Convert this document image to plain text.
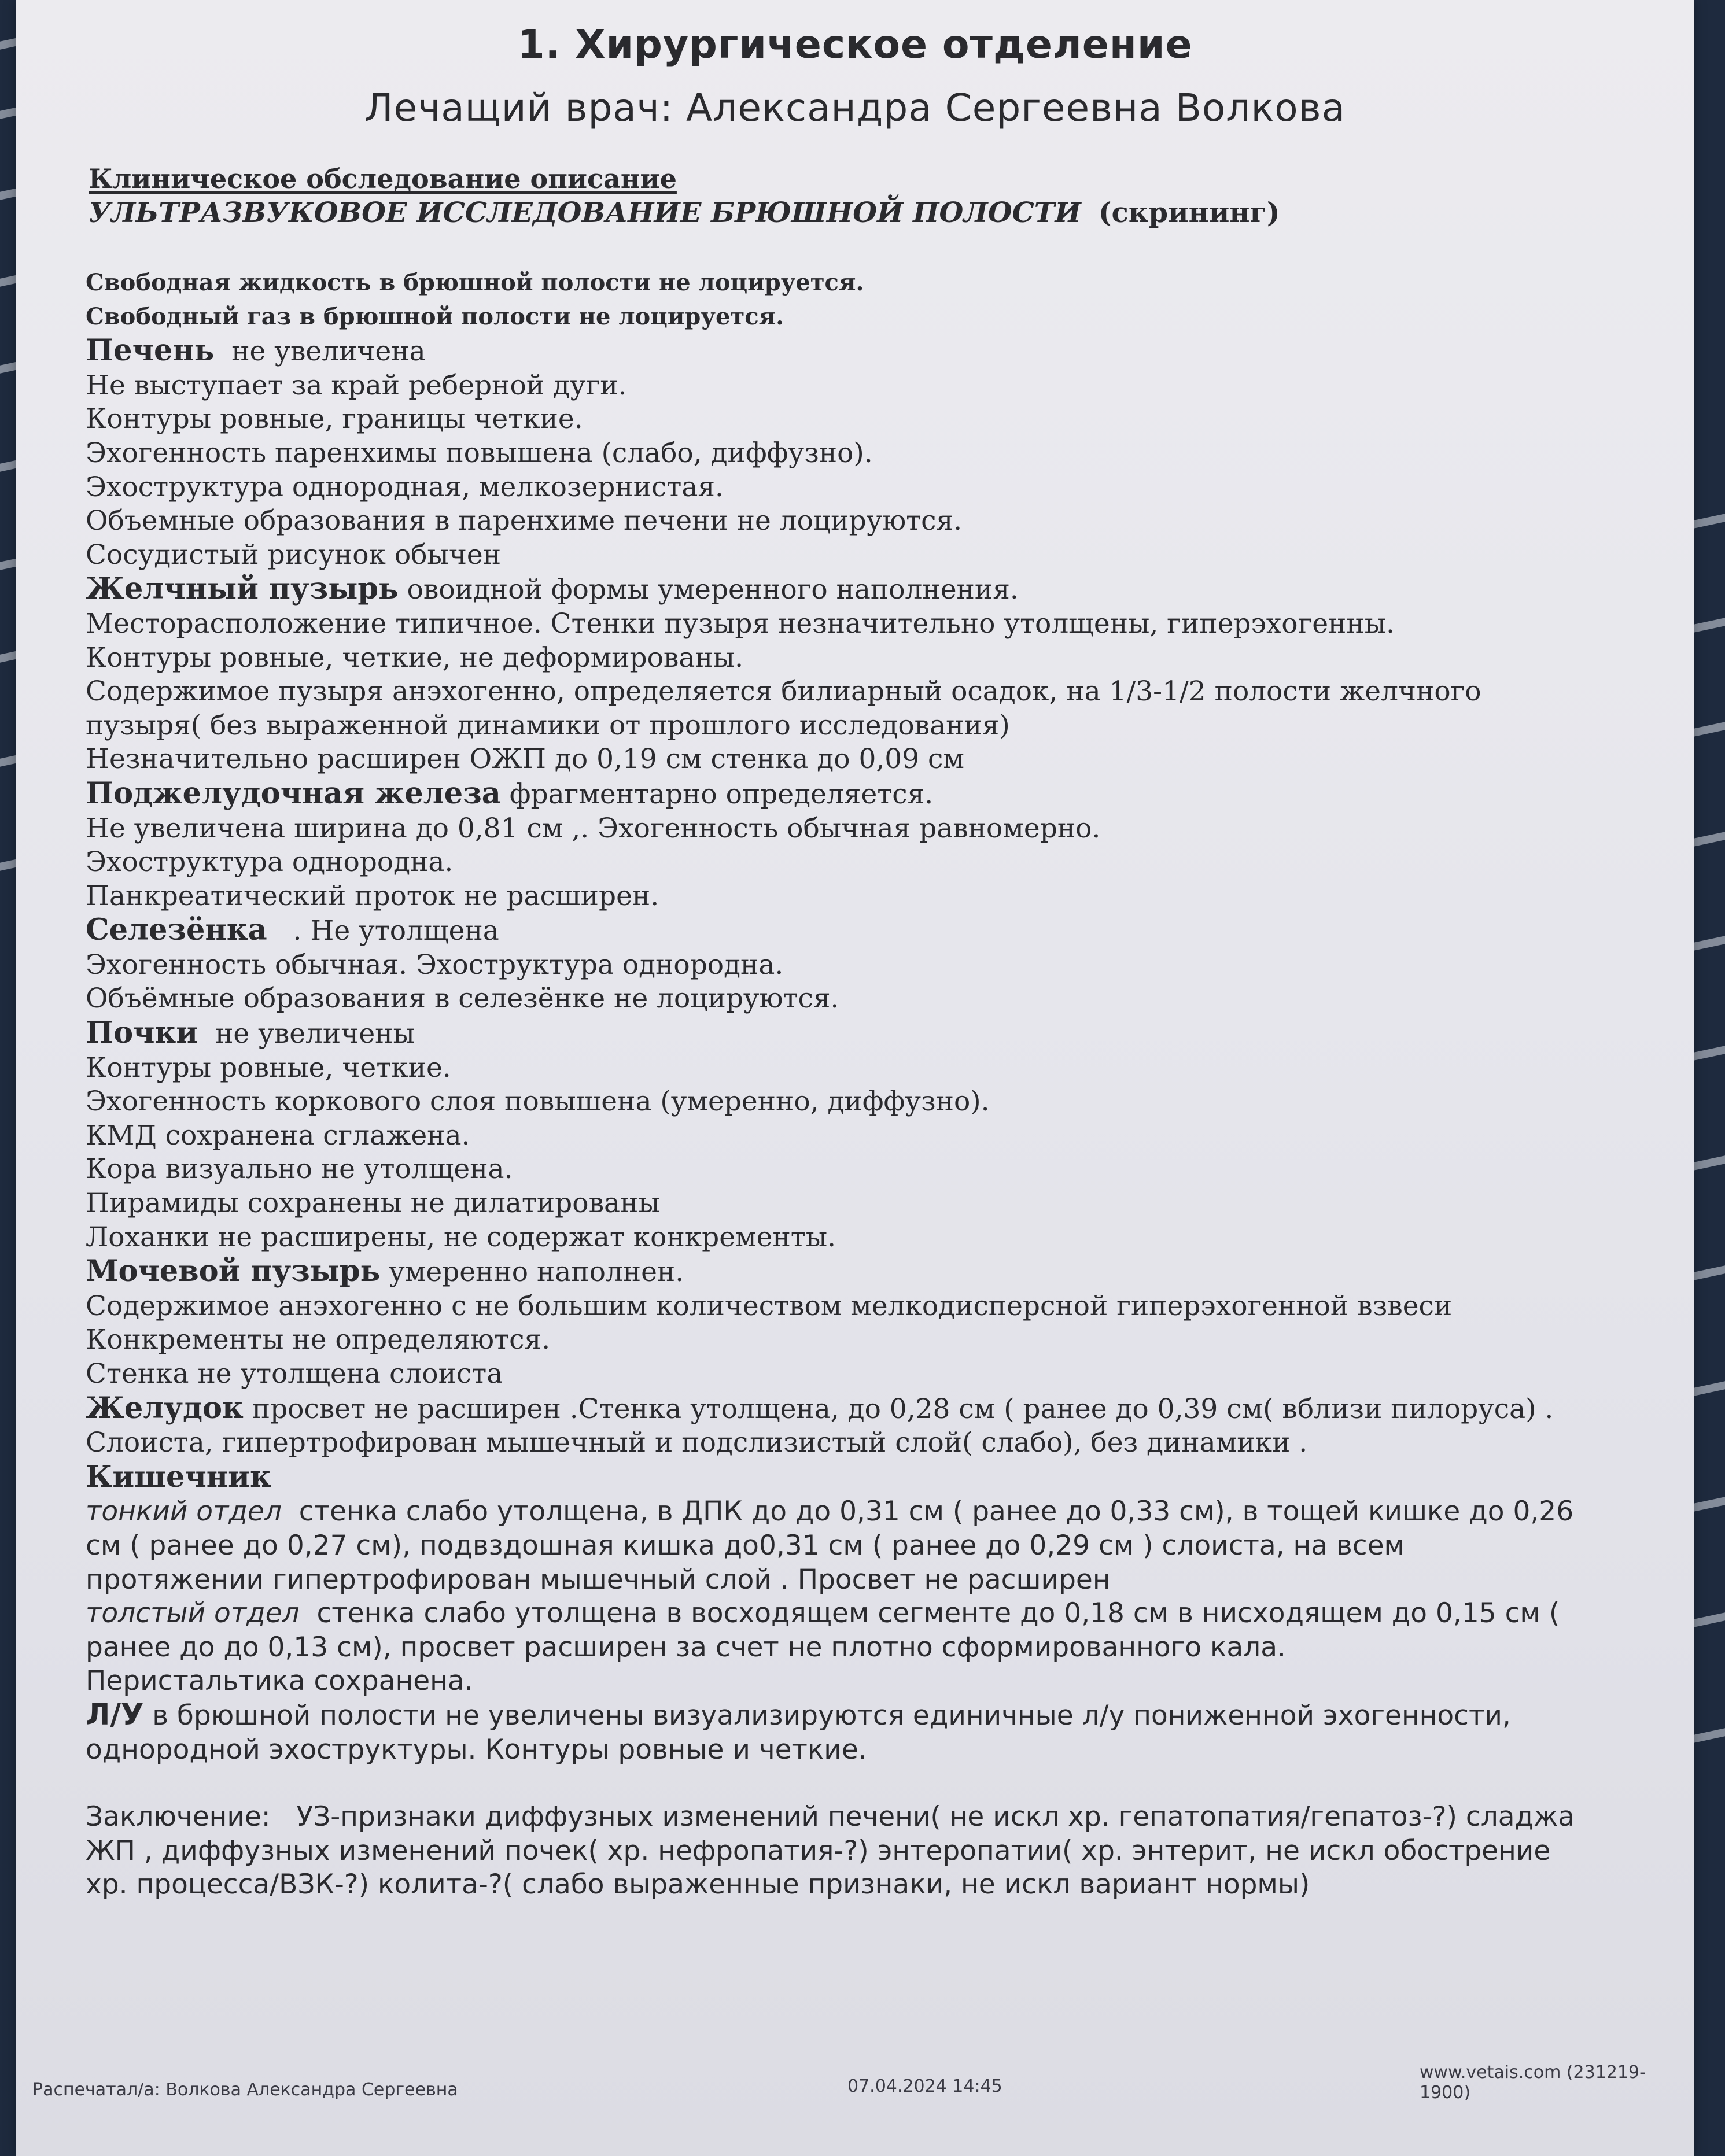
1. Хирургическое отделение
Лечащий врач: Александра Сергеевна Волкова
Клиническое обследование описание
УЛЬТРАЗВУКОВОЕ ИССЛЕДОВАНИЕ БРЮШНОЙ ПОЛОСТИ (скрининг)
Свободная жидкость в брюшной полости не лоцируется.
Свободный газ в брюшной полости не лоцируется.
Печень не увеличена
Не выступает за край реберной дуги.
Контуры ровные, границы четкие.
Эхогенность паренхимы повышена (слабо, диффузно).
Эхоструктура однородная, мелкозернистая.
Объемные образования в паренхиме печени не лоцируются.
Сосудистый рисунок обычен
Желчный пузырь овоидной формы умеренного наполнения.
Месторасположение типичное. Стенки пузыря незначительно утолщены, гиперэхогенны.
Контуры ровные, четкие, не деформированы.
Содержимое пузыря анэхогенно, определяется билиарный осадок, на 1/3-1/2 полости желчного
пузыря( без выраженной динамики от прошлого исследования)
Незначительно расширен ОЖП до 0,19 см стенка до 0,09 см
Поджелудочная железа фрагментарно определяется.
Не увеличена ширина до 0,81 см ,. Эхогенность обычная равномерно.
Эхоструктура однородна.
Панкреатический проток не расширен.
Селезёнка . Не утолщена
Эхогенность обычная. Эхоструктура однородна.
Объёмные образования в селезёнке не лоцируются.
Почки не увеличены
Контуры ровные, четкие.
Эхогенность коркового слоя повышена (умеренно, диффузно).
КМД сохранена сглажена.
Кора визуально не утолщена.
Пирамиды сохранены не дилатированы
Лоханки не расширены, не содержат конкременты.
Мочевой пузырь умеренно наполнен.
Содержимое анэхогенно с не большим количеством мелкодисперсной гиперэхогенной взвеси
Конкременты не определяются.
Стенка не утолщена слоиста
Желудок просвет не расширен .Стенка утолщена, до 0,28 см ( ранее до 0,39 см( вблизи пилоруса) .
Слоиста, гипертрофирован мышечный и подслизистый слой( слабо), без динамики .
Кишечник
тонкий отдел стенка слабо утолщена, в ДПК до до 0,31 см ( ранее до 0,33 см), в тощей кишке до 0,26
см ( ранее до 0,27 см), подвздошная кишка до0,31 см ( ранее до 0,29 см ) слоиста, на всем
протяжении гипертрофирован мышечный слой . Просвет не расширен
толстый отдел стенка слабо утолщена в восходящем сегменте до 0,18 см в нисходящем до 0,15 см (
ранее до до 0,13 см), просвет расширен за счет не плотно сформированного кала.
Перистальтика сохранена.
Л/У в брюшной полости не увеличены визуализируются единичные л/у пониженной эхогенности,
однородной эхоструктуры. Контуры ровные и четкие.
Заключение: УЗ-признаки диффузных изменений печени( не искл хр. гепатопатия/гепатоз-?) сладжа
ЖП , диффузных изменений почек( хр. нефропатия-?) энтеропатии( хр. энтерит, не искл обострение
хр. процесса/ВЗК-?) колита-?( слабо выраженные признаки, не искл вариант нормы)
Распечатал/а: Волкова Александра Сергеевна	07.04.2024 14:45
www.vetais.com (231219-1900)
